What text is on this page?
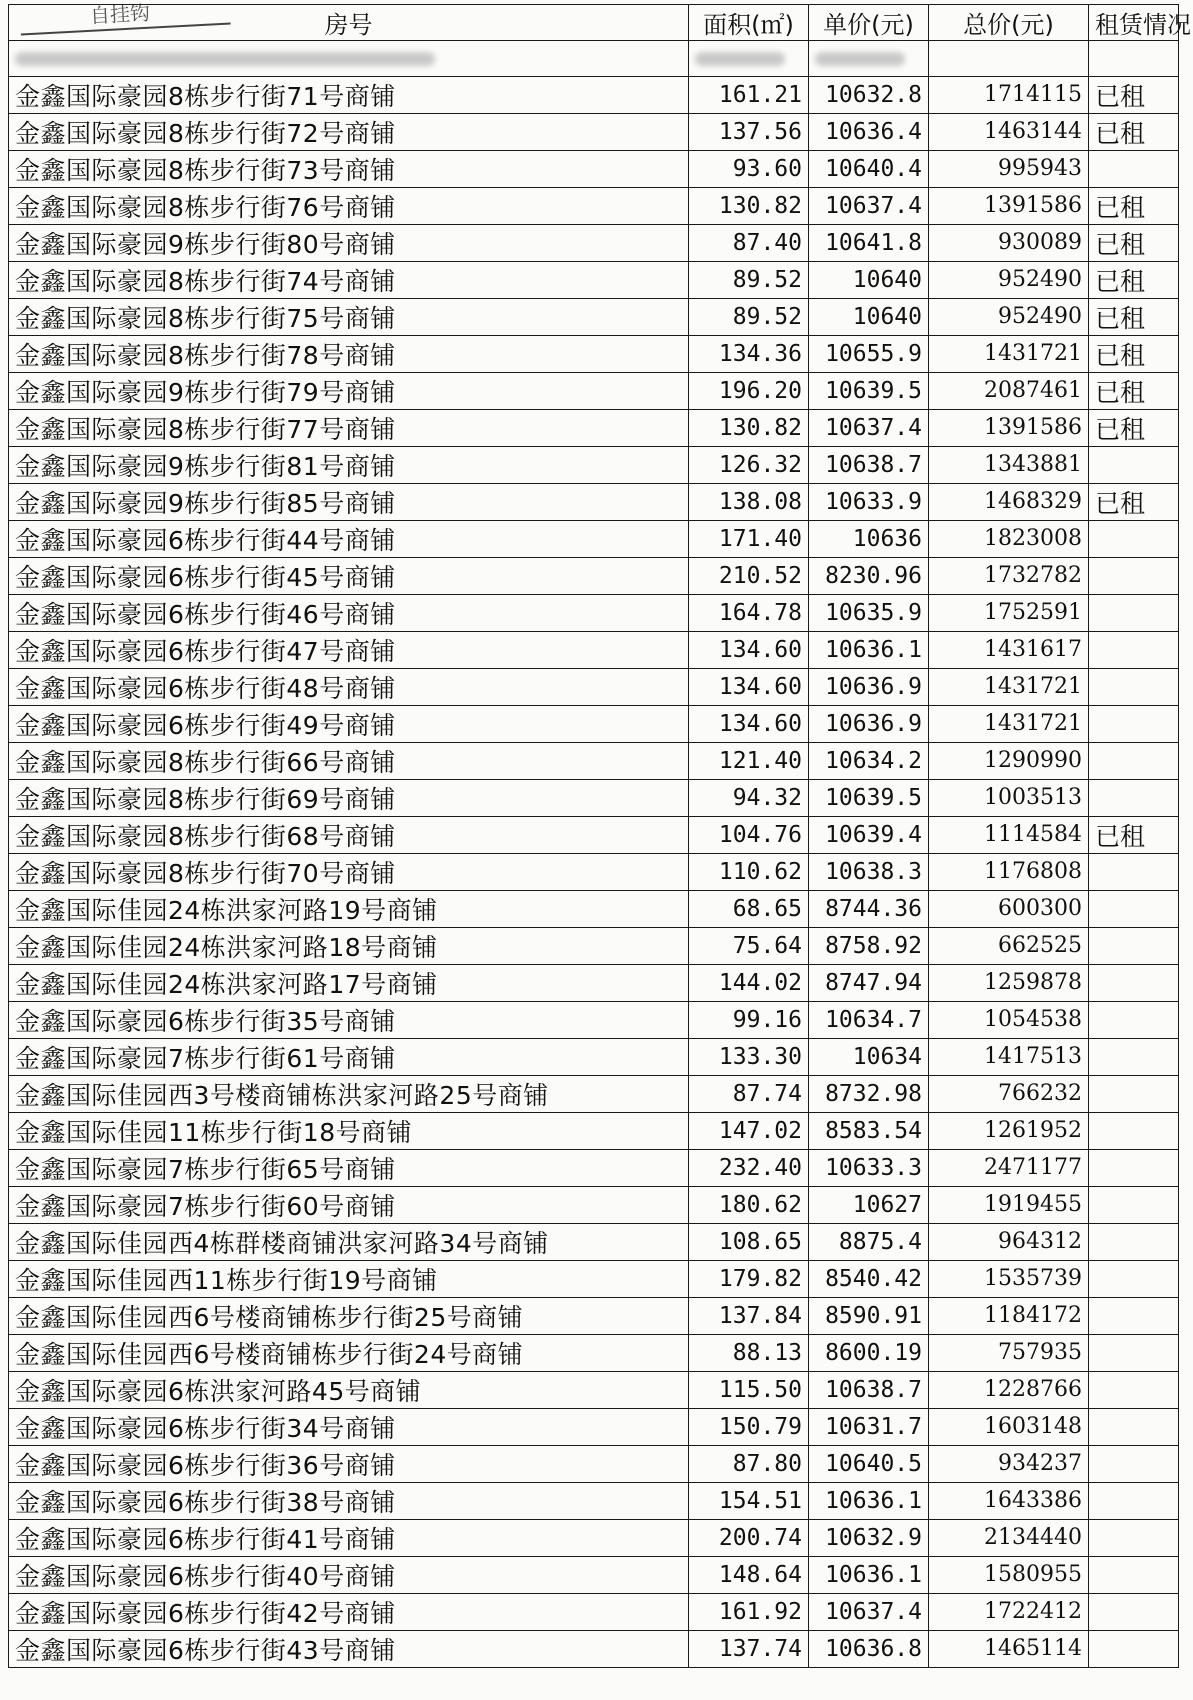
自挂钩	房号	面积(㎡)	单价(元)	总价(元)	租赁情况

金鑫国际豪园8栋步行街71号商铺	161.21	10632.8	1714115	已租
金鑫国际豪园8栋步行街72号商铺	137.56	10636.4	1463144	已租
金鑫国际豪园8栋步行街73号商铺	93.60	10640.4	995943	
金鑫国际豪园8栋步行街76号商铺	130.82	10637.4	1391586	已租
金鑫国际豪园9栋步行街80号商铺	87.40	10641.8	930089	已租
金鑫国际豪园8栋步行街74号商铺	89.52	10640	952490	已租
金鑫国际豪园8栋步行街75号商铺	89.52	10640	952490	已租
金鑫国际豪园8栋步行街78号商铺	134.36	10655.9	1431721	已租
金鑫国际豪园9栋步行街79号商铺	196.20	10639.5	2087461	已租
金鑫国际豪园8栋步行街77号商铺	130.82	10637.4	1391586	已租
金鑫国际豪园9栋步行街81号商铺	126.32	10638.7	1343881	
金鑫国际豪园9栋步行街85号商铺	138.08	10633.9	1468329	已租
金鑫国际豪园6栋步行街44号商铺	171.40	10636	1823008	
金鑫国际豪园6栋步行街45号商铺	210.52	8230.96	1732782	
金鑫国际豪园6栋步行街46号商铺	164.78	10635.9	1752591	
金鑫国际豪园6栋步行街47号商铺	134.60	10636.1	1431617	
金鑫国际豪园6栋步行街48号商铺	134.60	10636.9	1431721	
金鑫国际豪园6栋步行街49号商铺	134.60	10636.9	1431721	
金鑫国际豪园8栋步行街66号商铺	121.40	10634.2	1290990	
金鑫国际豪园8栋步行街69号商铺	94.32	10639.5	1003513	
金鑫国际豪园8栋步行街68号商铺	104.76	10639.4	1114584	已租
金鑫国际豪园8栋步行街70号商铺	110.62	10638.3	1176808	
金鑫国际佳园24栋洪家河路19号商铺	68.65	8744.36	600300	
金鑫国际佳园24栋洪家河路18号商铺	75.64	8758.92	662525	
金鑫国际佳园24栋洪家河路17号商铺	144.02	8747.94	1259878	
金鑫国际豪园6栋步行街35号商铺	99.16	10634.7	1054538	
金鑫国际豪园7栋步行街61号商铺	133.30	10634	1417513	
金鑫国际佳园西3号楼商铺栋洪家河路25号商铺	87.74	8732.98	766232	
金鑫国际佳园11栋步行街18号商铺	147.02	8583.54	1261952	
金鑫国际豪园7栋步行街65号商铺	232.40	10633.3	2471177	
金鑫国际豪园7栋步行街60号商铺	180.62	10627	1919455	
金鑫国际佳园西4栋群楼商铺洪家河路34号商铺	108.65	8875.4	964312	
金鑫国际佳园西11栋步行街19号商铺	179.82	8540.42	1535739	
金鑫国际佳园西6号楼商铺栋步行街25号商铺	137.84	8590.91	1184172	
金鑫国际佳园西6号楼商铺栋步行街24号商铺	88.13	8600.19	757935	
金鑫国际豪园6栋洪家河路45号商铺	115.50	10638.7	1228766	
金鑫国际豪园6栋步行街34号商铺	150.79	10631.7	1603148	
金鑫国际豪园6栋步行街36号商铺	87.80	10640.5	934237	
金鑫国际豪园6栋步行街38号商铺	154.51	10636.1	1643386	
金鑫国际豪园6栋步行街41号商铺	200.74	10632.9	2134440	
金鑫国际豪园6栋步行街40号商铺	148.64	10636.1	1580955	
金鑫国际豪园6栋步行街42号商铺	161.92	10637.4	1722412	
金鑫国际豪园6栋步行街43号商铺	137.74	10636.8	1465114	
